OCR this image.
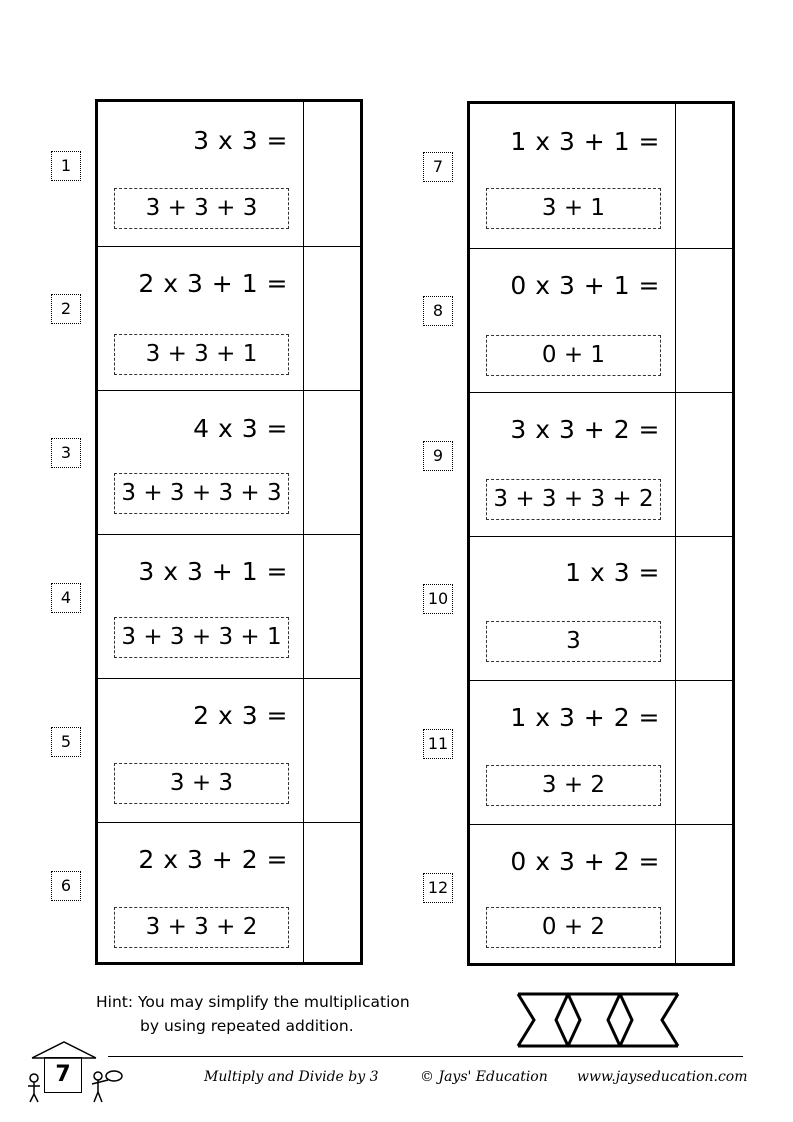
3 x 3 =
3 + 3 + 3
2 x 3 + 1 =
3 + 3 + 1
4 x 3 =
3 + 3 + 3 + 3
3 x 3 + 1 =
3 + 3 + 3 + 1
2 x 3 =
3 + 3
2 x 3 + 2 =
3 + 3 + 2
1
2
3
4
5
6
1 x 3 + 1 =
3 + 1
0 x 3 + 1 =
0 + 1
3 x 3 + 2 =
3 + 3 + 3 + 2
1 x 3 =
3
1 x 3 + 2 =
3 + 2
0 x 3 + 2 =
0 + 2
7
8
9
10
11
12
Hint: You may simplify the multiplication
by using repeated addition.
7	Multiply and Divide by 3	© Jays' Education www.jayseducation.com
